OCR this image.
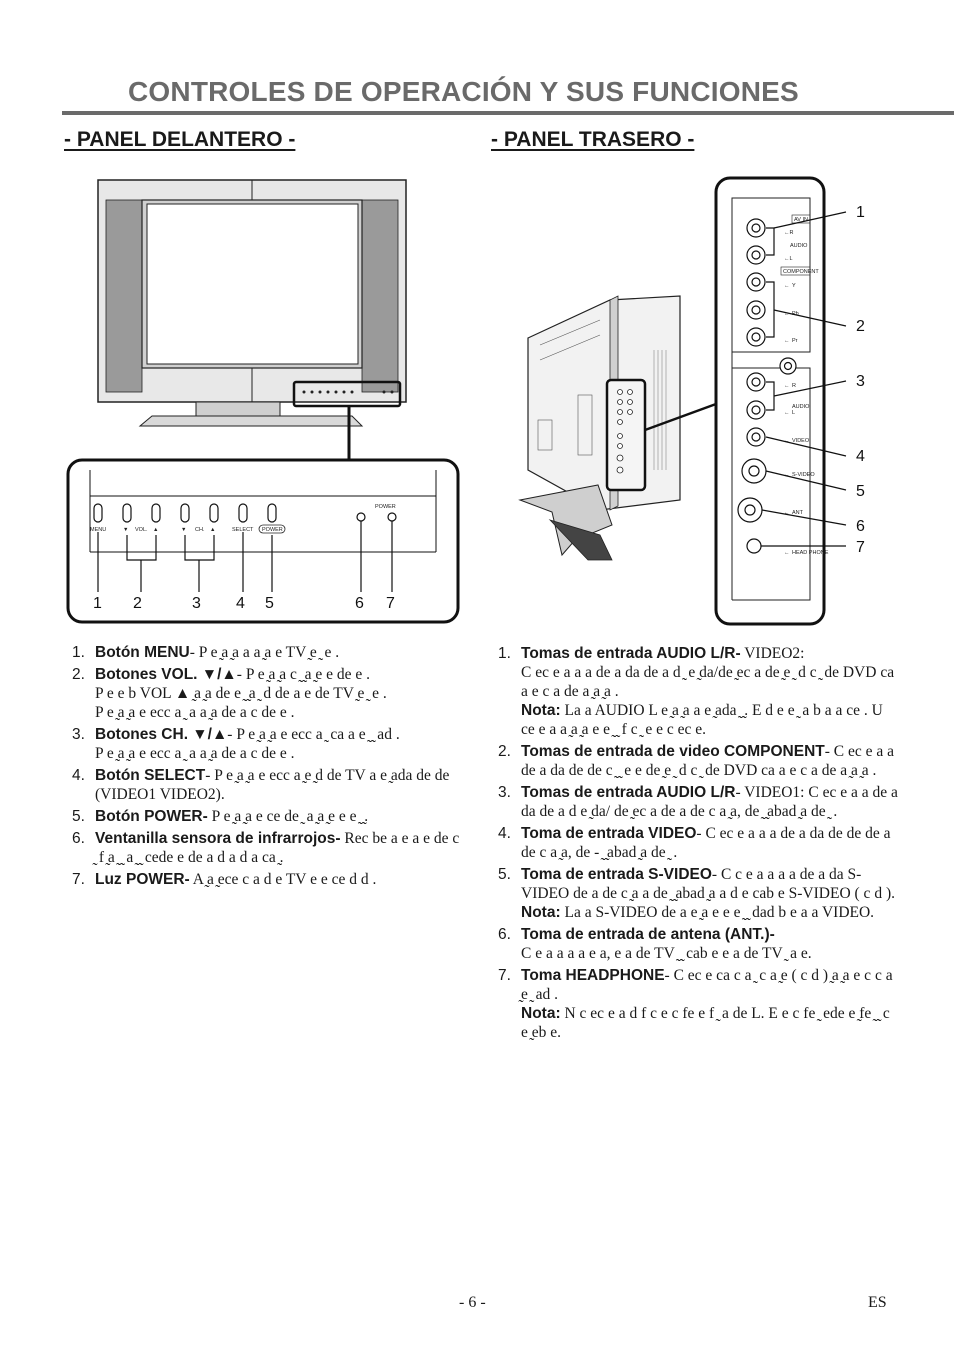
CONTROLES DE OPERACIÓN Y SUS FUNCIONES
- PANEL DELANTERO -	- PANEL TRASERO -
MENU	▼ VOL. ▲	▼ CH. ▲	SELECT
POWER
POWER
1 2	3 4 5	6 7
AV IN
←R
AUDIO
←L
COMPONENT
← Y
← Pb
← Pr
← R
AUDIO
← L
← VIDEO
← S-VIDEO
← ANT
← HEAD PHONE
1
2
3
4
5
6
7
1. Botón MENU- P e ̰a ̰a a a ̰a e TV ̰e ̰ e .
2. Botones VOL. ▼/▲- P e ̰a ̰a c ̰ ̰a ̰e e de e .
P e e b VOL ▲ ̰a ̰a de e ̰ ̰a ̰ d de a e de TV ̰e ̰ e .
P e ̰a ̰a e ecc a ̰ a a ̰a de a c de e .
3. Botones CH. ▼/▲- P e ̰a ̰a e ecc a ̰ ca a e ̰ ̰ ad .
P e ̰a ̰a e ecc a ̰ a a ̰a de a c de e .
4. Botón SELECT- P e ̰a ̰a e ecc a ̰e ̰d de TV a e ̰ada de de (VIDEO1 VIDEO2).
5. Botón POWER- P e ̰a ̰a e ce de ̰ a ̰a ̰e e e ̰ ̰.
6. Ventanilla sensora de infrarrojos- Rec be a e a e de c ̰ f ̰a ̰ ̰ a ̰ ̰ cede e de a d a d a ca ̰.
7. Luz POWER- A ̰a ̰ece c a d e TV e e ce d d .
1. Tomas de entrada AUDIO L/R- VIDEO2:
C ec e a a a de a da de a d ̰ e ̰da/de ̰ec a de ̰e ̰ d c ̰ de DVD ca a e c a de a ̰a ̰a .
Nota: La a AUDIO L e ̰a ̰a a e ̰ada ̰ ̰. E d e e ̰ a b a a ce . U ce e a a ̰a ̰a e e ̰ ̰ f c ̰ e e c ec e.
2. Tomas de entrada de video COMPONENT- C ec e a a de a da de de c ̰ ̰ e e de ̰e ̰ d c ̰ de DVD ca a e c a de a ̰a ̰a .
3. Tomas de entrada AUDIO L/R- VIDEO1: C ec e a a de a da de a d e ̰da/ de ̰ec a de a de c a ̰a, de ̰ ̰abad ̰a de ̰ .
4. Toma de entrada VIDEO- C ec e a a a de a da de de de a de c a ̰a, de - ̰ ̰abad ̰a de ̰ .
5. Toma de entrada S-VIDEO- C c e a a a a de a da S-VIDEO de a de c ̰a a de ̰ ̰abad ̰a a d e cab e S-VIDEO ( c d ).
Nota: La a S-VIDEO de a e ̰a e e e ̰ ̰ dad b e a a VIDEO.
6. Toma de entrada de antena (ANT.)-
C e a a a a e a, e a de TV ̰ ̰ cab e e a de TV ̰ a e.
7. Toma HEADPHONE- C ec e ca c a ̰ c a ̰e ( c d ) ̰a ̰a e c c a ̰e ̰ ad .
Nota: N c ec e a d f c e c fe e f ̰ a de L. E e c fe ̰ ede e ̰fe ̰ ̰ c e ̰eb e.
- 6 -	ES
